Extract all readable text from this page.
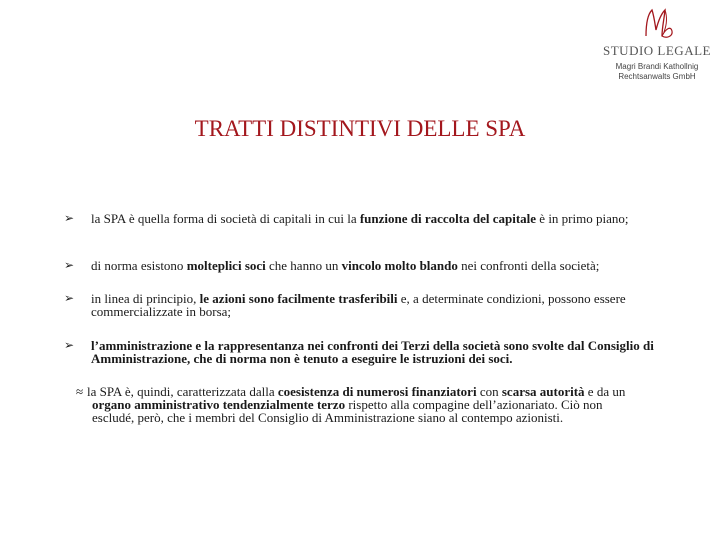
STUDIO LEGALE
Magri Brandi Kathollnig
Rechtsanwalts GmbH
TRATTI DISTINTIVI DELLE SPA
➢ la SPA è quella forma di società di capitali in cui la funzione di raccolta del capitale è in primo piano;
➢ di norma esistono molteplici soci che hanno un vincolo molto blando nei confronti della società;
➢ in linea di principio, le azioni sono facilmente trasferibili e, a determinate condizioni, possono essere commercializzate in borsa;
➢ l’amministrazione e la rappresentanza nei confronti dei Terzi della società sono svolte dal Consiglio di Amministrazione, che di norma non è tenuto a eseguire le istruzioni dei soci.
≈ la SPA è, quindi, caratterizzata dalla coesistenza di numerosi finanziatori con scarsa autorità e da un
organo amministrativo tendenzialmente terzo rispetto alla compagine dell’azionariato. Ciò non
escludé, però, che i membri del Consiglio di Amministrazione siano al contempo azionisti.
